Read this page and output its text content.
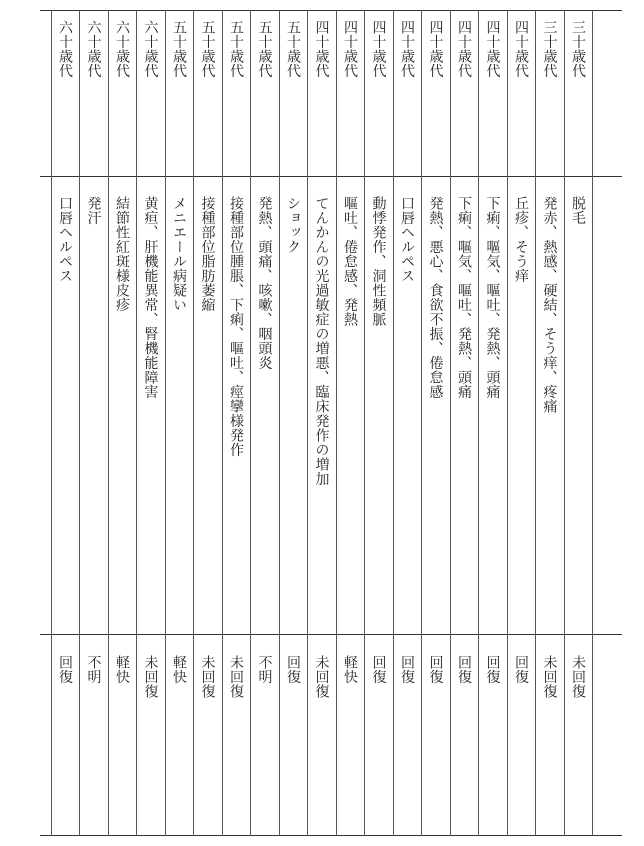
三十歳代
脱毛
未回復
三十歳代
発赤、熱感、硬結、そう痒、疼痛
未回復
四十歳代
丘疹、そう痒
回復
四十歳代
下痢、嘔気、嘔吐、発熱、頭痛
回復
四十歳代
下痢、嘔気、嘔吐、発熱、頭痛
回復
四十歳代
発熱、悪心、食欲不振、倦怠感
回復
四十歳代
口唇ヘルペス
回復
四十歳代
動悸発作、洞性頻脈
回復
四十歳代
嘔吐、倦怠感、発熱
軽快
四十歳代
てんかんの光過敏症の増悪、臨床発作の増加
未回復
五十歳代
ショック
回復
五十歳代
発熱、頭痛、咳嗽、咽頭炎
不明
五十歳代
接種部位腫脹、下痢、嘔吐、痙攣様発作
未回復
五十歳代
接種部位脂肪萎縮
未回復
五十歳代
メニエール病疑い
軽快
六十歳代
黄疸、肝機能異常、腎機能障害
未回復
六十歳代
結節性紅斑様皮疹
軽快
六十歳代
発汗
不明
六十歳代
口唇ヘルペス
回復
